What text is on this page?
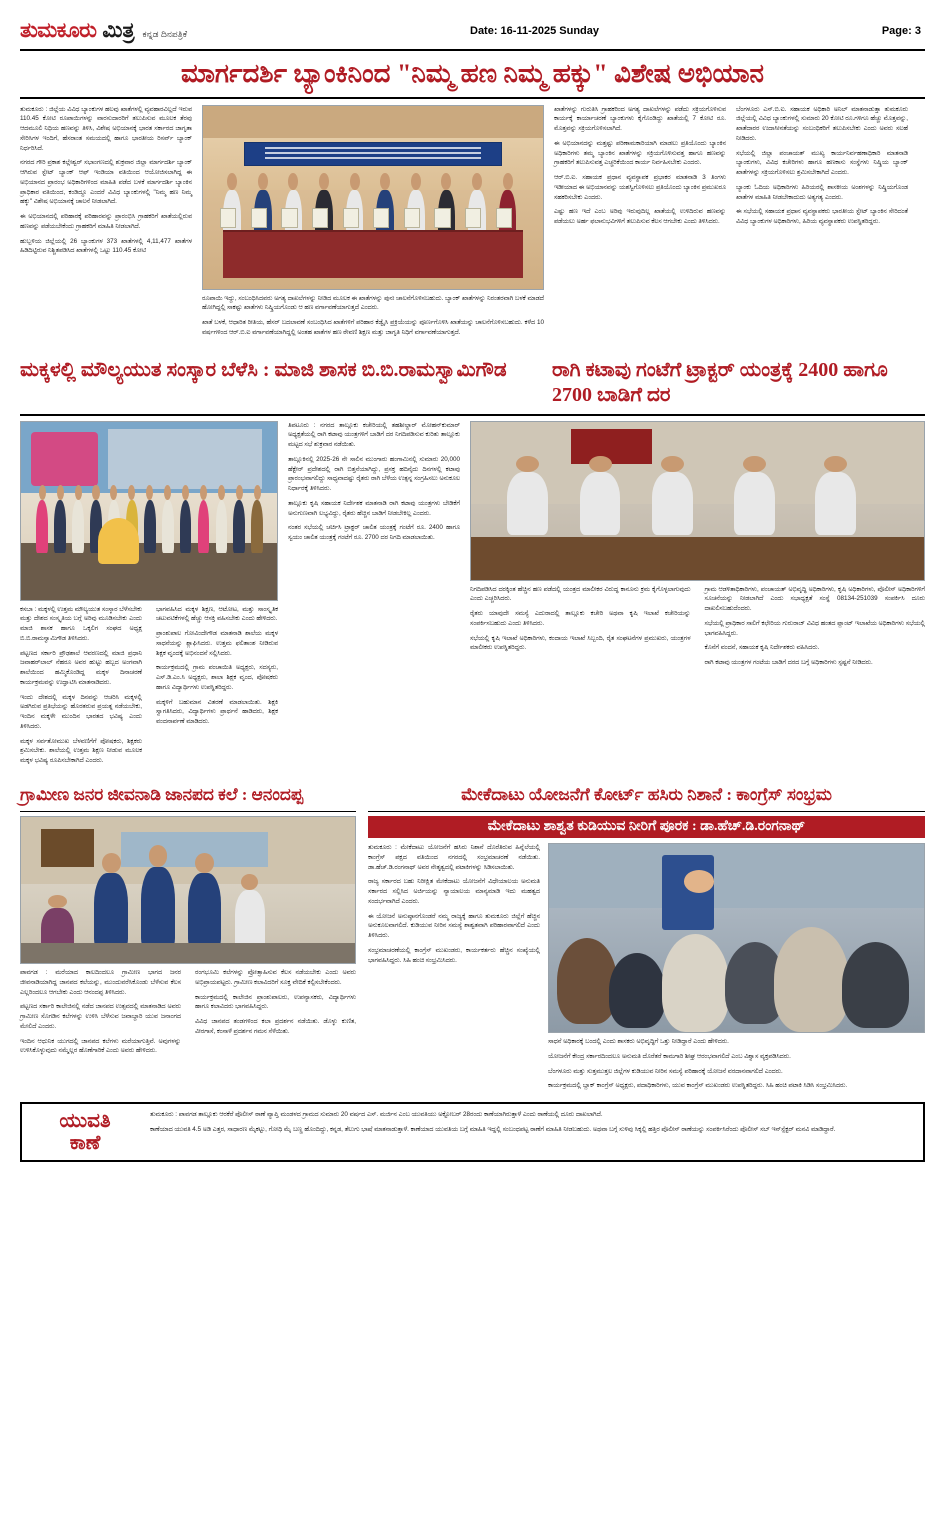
ತುಮಕೂರು ಮಿತ್ರ ಕನ್ನಡ ದಿನಪತ್ರಿಕೆ	Date: 16-11-2025 Sunday	Page: 3
ಮಾರ್ಗದರ್ಶಿ ಬ್ಯಾಂಕಿನಿಂದ "ನಿಮ್ಮ ಹಣ ನಿಮ್ಮ ಹಕ್ಕು" ವಿಶೇಷ ಅಭಿಯಾನ

ತುಮಕೂರು : ಜಿಲ್ಲೆಯ ವಿವಿಧ ಬ್ಯಾಂಕುಗಳ ಹಲವು ಖಾತೆಗಳಲ್ಲಿ ವ್ಯವಹಾರವಿಲ್ಲದೆ ಇರುವ 110.45 ಕೋಟಿ ರೂಪಾಯಿಗಳನ್ನು ವಾರಸುದಾರರಿಗೆ ತಲುಪಿಸುವ ಮೂಲಕ ತೆರವು ಆದಮೂಲಿ ನಿಧಿಯ ಹಣವನ್ನು ತಿಳಿಸಿ, ವಿಶೇಷ ಅಭಿಯಾನಕ್ಕೆ ಭಾರತ ಸರ್ಕಾರದ ಜಾಗೃತಾ ಸೇರಿಸಿಗಳ ಇಂದಿಗೆ, ಹೆಸರಾಂತ ಸಮಯದಲ್ಲಿ ಹಾಗೂ ಭಾರತೀಯ ರಿಸರ್ವ್ ಬ್ಯಾಂಕ್ ನಿರ್ಧರಿಸಿದೆ.

ನಗರದ ಗೌರಿ ಪ್ರಕಾಶ ಕಲ್ಲೇಶ್ವರ್ ಸಭಾಂಗಣದಲ್ಲಿ ಶುಕ್ರವಾರ ಜಿಲ್ಲಾ ಮಾರ್ಗದರ್ಶಿ ಬ್ಯಾಂಕ್ ಆಗಿರುವ ಸ್ಟೇಟ್ ಬ್ಯಾಂಕ್ ಆಫ್ ಇಂಡಿಯಾ ವತಿಯಿಂದ ಆಯೋಜಿಸಲಾಗಿದ್ದ ಈ ಅಭಿಯಾನದ ಪ್ರಾರಂಭ ಅಧಿಕಾರಿಗಳಿಂದ ಮಾಹಿತಿ ಪಡೆದ ಬಳಕೆ ಮಾರ್ಗದರ್ಶಿ ಬ್ಯಾಂಕಿನ ಪ್ರಾಧಿಕಾರ ವತಿಯಿಂದ, ಕಂಡಿದ್ದೂ ಎಂದರೆ ವಿವಿಧ ಬ್ಯಾಂಕುಗಳಲ್ಲಿ "ನಿಮ್ಮ ಹಣ ನಿಮ್ಮ ಹಕ್ಕು" ವಿಶೇಷ ಅಭಿಯಾನಕ್ಕೆ ಚಾಲನೆ ನೀಡಲಾಗಿದೆ.

ಈ ಅಭಿಯಾನದಲ್ಲಿ ಪರಿಹಾರಕ್ಕೆ ಪರಿಹಾರವನ್ನು ಪ್ರಾರಂಭಿಸಿ ಗ್ರಾಹಕರಿಗೆ ಖಾತೆಯಲ್ಲಿರುವ ಹಣವನ್ನು ಪಡೆಯಬೇಕೆಂದು ಗ್ರಾಹಕರಿಗೆ ಮಾಹಿತಿ ನೀಡಲಾಗಿದೆ.

ಹುಬ್ಬಳಿಯ ಜಿಲ್ಲೆಯಲ್ಲಿ 26 ಬ್ಯಾಂಕುಗಳ 373 ಖಾತೆಗಳಲ್ಲಿ 4,11,477 ಖಾತೆಗಳ ಹಿಡಿದಿಟ್ಟಿರುವ ನಿಶ್ಚಿತಪಡಿಸಿದ ಖಾತೆಗಳಲ್ಲಿ ಒಟ್ಟು 110.45 ಕೋಟಿ

ರೂಪಾಯಿ ಇದ್ದು, ಸಂಬಂಧಿಸಿದವರು ಅಗತ್ಯ ದಾಖಲೆಗಳನ್ನು ನೀಡಿದ ಮೂಲಕ ಈ ಖಾತೆಗಳನ್ನು ಪುನಃ ಚಾಲನೆಗೊಳಿಸಬಹುದು. ಬ್ಯಾಂಕ್ ಖಾತೆಗಳನ್ನು ನಿರಂತರವಾಗಿ ಬಳಕೆ ಮಾಡದೆ ಹೋಗಿದ್ದಲ್ಲಿ ಸಾಕಷ್ಟು ಖಾತೆಗಳು ನಿಷ್ಕ್ರಿಯಗೊಂಡು ಆ ಹಣ ವರ್ಗಾವಣೆಯಾಗುತ್ತದೆ ಎಂದರು.

ಖಾತೆ ಬಳಕೆ, ಆಧಾರಿತ ರೀತಿಯ, ಹೆಸರ್ ಬದಲಾವಣೆ ಸಂಬಂಧಿಸಿದ ಖಾತೆಗಳಿಗೆ ಪರಿಹಾರ ಕೆಡ್ವೈಸಿ ಪ್ರಕ್ರಿಯೆಯನ್ನು ಪೂರ್ಣಗೊಳಿಸಿ ಖಾತೆಯನ್ನು ಚಾಲನೆಗೊಳಿಸಬಹುದು. ಕಳೆದ 10 ವರ್ಷಗಳಿಂದ ಆರ್.ಬಿ.ಐ ವರ್ಗಾವಣೆಯಾಗಿದ್ದಲ್ಲಿ ಅಂತಹ ಖಾತೆಗಳ ಹಣ ಠೇವಣಿ ಶಿಕ್ಷಣ ಮತ್ತು ಜಾಗೃತಿ ನಿಧಿಗೆ ವರ್ಗಾವಣೆಯಾಗುತ್ತದೆ.

ಖಾತೆಗಳನ್ನು ಗುರುತಿಸಿ ಗ್ರಾಹಕರಿಂದ ಅಗತ್ಯ ದಾಖಲೆಗಳನ್ನು ಪಡೆದು ಸಕ್ರಿಯಗೊಳಿಸುವ ಕಾರ್ಯಕ್ಕೆ ಕಾರ್ಯಾಚರಣೆ ಬ್ಯಾಂಕುಗಳು ಕೈಗೊಂಡಿದ್ದು ಖಾತೆಯಲ್ಲಿ 7 ಕೋಟಿ ರೂ. ಮೊತ್ತವನ್ನು ಸಕ್ರಿಯಗೊಳಿಸಲಾಗಿದೆ.

ಈ ಅಭಿಯಾನದನ್ನು ಮತ್ತಷ್ಟು ಪರಿಣಾಮಕಾರಿಯಾಗಿ ಮಾಡಲು ಪ್ರತಿಯೊಂದು ಬ್ಯಾಂಕಿನ ಅಧಿಕಾರಿಗಳು ತಮ್ಮ ಬ್ಯಾಂಕಿನ ಖಾತೆಗಳನ್ನು ಸಕ್ರಿಯಗೊಳಿಸುವತ್ತ ಹಾಗೂ ಹಣವನ್ನು ಗ್ರಾಹಕರಿಗೆ ತಲುಪಿಸುವತ್ತ ಎಚ್ಚರಿಕೆಯಿಂದ ಕಾರ್ಯ ನಿರ್ವಹಿಸಬೇಕು ಎಂದರು.

ಆರ್.ಬಿ.ಐ. ಸಹಾಯಕ ಪ್ರಧಾನ ವ್ಯವಸ್ಥಾಪಕ ಪ್ರಭಾಕರ ಮಾತನಾಡಿ 3 ತಿಂಗಳು ಇಡೀಯಾದ ಈ ಅಭಿಯಾನವನ್ನು ಯಶಸ್ವಿಗೊಳಿಸಲು ಪ್ರತಿಯೊಂದು ಬ್ಯಾಂಕಿನ ಪ್ರಮುಖರೂ ಸಹಕರಿಸಬೇಕು ಎಂದರು.

ಎಷ್ಟು ಹಣ ಇದೆ ಎಂಬ ಅರಿವು ಇರುವುದಿಲ್ಲ ಖಾತೆಯಲ್ಲಿ ಉಳಿದಿರುವ ಹಣವನ್ನು ಪಡೆಯಲು ಅರ್ಹ ಫಲಾನುಭವಿಗಳಿಗೆ ತಲುಪಿಸುವ ಕೆಲಸ ಆಗಬೇಕು ಎಂದು ತಿಳಿಸಿದರು.

ಬೆಂಗಳೂರು ಎಸ್.ಬಿ.ಐ. ಸಹಾಯಕ ಅಧಿಕಾರಿ ಅನಿಲ್ ಮಾತನಾಡುತ್ತಾ ತುಮಕೂರು ಜಿಲ್ಲೆಯಲ್ಲಿ ವಿವಿಧ ಬ್ಯಾಂಕುಗಳಲ್ಲಿ ಸುಮಾರು 20 ಕೋಟಿ ರೂ.ಗಳಿಗೂ ಹೆಚ್ಚು ಮೊತ್ತವನ್ನು, ಖಾತೆದಾರರ ಉದಾಸೀನತೆಯನ್ನು ಸಂಬಂಧಿಕರಿಗೆ ತಲುಪಿಸಬೇಕು ಎಂದು ಅವರು ಸಲಹೆ ನೀಡಿದರು.

ಸಭೆಯಲ್ಲಿ ಜಿಲ್ಲಾ ಪಂಚಾಯತ್ ಮುಖ್ಯ ಕಾರ್ಯನಿರ್ವಹಣಾಧಿಕಾರಿ ಮಾತನಾಡಿ ಬ್ಯಾಂಕುಗಳು, ವಿವಿಧ ಕಚೇರಿಗಳು ಹಾಗೂ ಹಣಕಾಸು ಸಂಸ್ಥೆಗಳು ನಿಷ್ಕ್ರಿಯ ಬ್ಯಾಂಕ್ ಖಾತೆಗಳನ್ನು ಸಕ್ರಿಯಗೊಳಿಸಲು ಶ್ರಮಿಸಬೇಕಾಗಿದೆ ಎಂದರು.

ಬ್ಯಾಂಕು ಓದಿಯ ಅಧಿಕಾರಿಗಳು ಹಿರಿಯರಲ್ಲಿ ಶಾಸಕೀಯ ಅಂಶಗಳನ್ನು ನಿಷ್ಕ್ರಿಯಗೊಂಡ ಖಾತೆಗಳ ಮಾಹಿತಿ ನೀಡಬೇಕಾದುದು ಅತ್ಯಗತ್ಯ ಎಂದರು.

ಈ ಸಭೆಯಲ್ಲಿ ಸಹಾಯಕ ಪ್ರಧಾನ ವ್ಯವಸ್ಥಾಪಕರು ಭಾರತೀಯ ಸ್ಟೇಟ್ ಬ್ಯಾಂಕಿನ ಸೇರಿದಂತೆ ವಿವಿಧ ಬ್ಯಾಂಕುಗಳ ಅಧಿಕಾರಿಗಳು, ಹಿರಿಯ ವ್ಯವಸ್ಥಾಪಕರು ಉಪಸ್ಥಿತರಿದ್ದರು.

ಮಕ್ಕಳಲ್ಲಿ ಮೌಲ್ಯಯುತ ಸಂಸ್ಕಾರ ಬೆಳೆಸಿ : ಮಾಜಿ ಶಾಸಕ ಬಿ.ಬಿ.ರಾಮಸ್ವಾಮಿಗೌಡ	ರಾಗಿ ಕಟಾವು ಗಂಟೆಗೆ ಟ್ರಾಕ್ಟರ್ ಯಂತ್ರಕ್ಕೆ 2400 ಹಾಗೂ 2700 ಬಾಡಿಗೆ ದರ

ಕಸಬಾ : ಮಕ್ಕಳಲ್ಲಿ ಉತ್ತಮ ಮೌಲ್ಯಯುತ ಸಂಸ್ಕಾರ ಬೆಳೆಸಬೇಕು ಮತ್ತು ದೇಶದ ಸಂಸ್ಕೃತಿಯ ಬಗ್ಗೆ ಅರಿವು ಮೂಡಿಸಬೇಕು ಎಂದು ಮಾಜಿ ಶಾಸಕ ಹಾಗೂ ಒಕ್ಕಲಿಗ ಸಂಘದ ಅಧ್ಯಕ್ಷ ಬಿ.ಬಿ.ರಾಮಸ್ವಾಮಿಗೌಡ ತಿಳಿಸಿದರು.

ಪಟ್ಟಣದ ಸರ್ಕಾರಿ ಪ್ರೌಢಶಾಲೆ ಆವರಣದಲ್ಲಿ ಮಾಜಿ ಪ್ರಧಾನಿ ಜವಾಹರ್‌ಲಾಲ್ ನೆಹರೂ ಅವರ ಹುಟ್ಟು ಹಬ್ಬದ ಅಂಗವಾಗಿ ಶಾಲೆಯಿಂದ ಹಮ್ಮಿಕೊಂಡಿದ್ದ ಮಕ್ಕಳ ದಿನಾಚರಣೆ ಕಾರ್ಯಕ್ರಮವನ್ನು ಉದ್ಘಾಟಿಸಿ ಮಾತನಾಡಿದರು.

ಇಂದು ದೇಶದಲ್ಲಿ ಮಕ್ಕಳ ದಿನವನ್ನು ಆಚರಿಸಿ ಮಕ್ಕಳಲ್ಲಿ ಅಡಗಿರುವ ಪ್ರತಿಭೆಯನ್ನು ಹೊರತರುವ ಪ್ರಯತ್ನ ನಡೆಯಬೇಕು, ಇಂದಿನ ಮಕ್ಕಳೇ ಮುಂದಿನ ಭಾರತದ ಭವಿಷ್ಯ ಎಂದು ತಿಳಿಸಿದರು.

ಮಕ್ಕಳ ಸರ್ವತೋಮುಖ ಬೆಳವಣಿಗೆಗೆ ಪೋಷಕರು, ಶಿಕ್ಷಕರು ಶ್ರಮಿಸಬೇಕು. ಶಾಲೆಯಲ್ಲಿ ಉತ್ತಮ ಶಿಕ್ಷಣ ನೀಡುವ ಮೂಲಕ ಮಕ್ಕಳ ಭವಿಷ್ಯ ರೂಪಿಸಬೇಕಾಗಿದೆ ಎಂದರು.

ಭಾಗವಹಿಸಿದ ಮಕ್ಕಳ ಶಿಕ್ಷಣ, ಆಟೋಟ, ಮತ್ತು ಸಾಂಸ್ಕೃತಿಕ ಚಟುವಟಿಕೆಗಳಲ್ಲಿ ಹೆಚ್ಚು ಆಸಕ್ತಿ ವಹಿಸಬೇಕು ಎಂದು ಹೇಳಿದರು.

ಪ್ರಾಂಶುಪಾಲ ಗೋವಿಂದೇಗೌಡ ಮಾತನಾಡಿ ಶಾಲೆಯ ಮಕ್ಕಳ ಸಾಧನೆಯನ್ನು ಶ್ಲಾಘಿಸಿದರು. ಉತ್ತಮ ಫಲಿತಾಂಶ ನೀಡಿರುವ ಶಿಕ್ಷಕ ವೃಂದಕ್ಕೆ ಅಭಿನಂದನೆ ಸಲ್ಲಿಸಿದರು.

ಕಾರ್ಯಕ್ರಮದಲ್ಲಿ ಗ್ರಾಮ ಪಂಚಾಯಿತಿ ಅಧ್ಯಕ್ಷರು, ಸದಸ್ಯರು, ಎಸ್.ಡಿ.ಎಂ.ಸಿ ಅಧ್ಯಕ್ಷರು, ಶಾಲಾ ಶಿಕ್ಷಕ ವೃಂದ, ಪೋಷಕರು ಹಾಗೂ ವಿದ್ಯಾರ್ಥಿಗಳು ಉಪಸ್ಥಿತರಿದ್ದರು.

ಮಕ್ಕಳಿಗೆ ಬಹುಮಾನ ವಿತರಣೆ ಮಾಡಲಾಯಿತು. ಶಿಕ್ಷಕಿ ಸ್ವಾಗತಿಸಿದರು, ವಿದ್ಯಾರ್ಥಿಗಳು ಪ್ರಾರ್ಥನೆ ಹಾಡಿದರು, ಶಿಕ್ಷಕ ವಂದನಾರ್ಪಣೆ ಮಾಡಿದರು.

ತಿಪಟೂರು : ನಗರದ ತಾಲ್ಲೂಕು ಕಚೇರಿಯಲ್ಲಿ ತಹಶೀಲ್ದಾರ್ ಮೋಹನ್‌ಕುಮಾರ್ ಅಧ್ಯಕ್ಷತೆಯಲ್ಲಿ ರಾಗಿ ಕಟಾವು ಯಂತ್ರಗಳಿಗೆ ಬಾಡಿಗೆ ದರ ನಿಗದಿಪಡಿಸುವ ಕುರಿತು ತಾಲ್ಲೂಕು ಮಟ್ಟದ ಸಭೆ ಶುಕ್ರವಾರ ನಡೆಯಿತು.

ತಾಲ್ಲೂಕಿನಲ್ಲಿ 2025-26 ನೇ ಸಾಲಿನ ಮುಂಗಾರು ಹಂಗಾಮಿನಲ್ಲಿ ಸುಮಾರು 20,000 ಹೆಕ್ಟೇರ್ ಪ್ರದೇಶದಲ್ಲಿ ರಾಗಿ ಬಿತ್ತನೆಯಾಗಿದ್ದು, ಪ್ರಸಕ್ತ ಹದಿನೈದು ದಿನಗಳಲ್ಲಿ ಕಟಾವು ಪ್ರಾರಂಭವಾಗಲಿದ್ದು ಸಾಧ್ಯವಾದಷ್ಟು ರೈತರು ರಾಗಿ ಬೆಳೆಯ ಉತ್ಪನ್ನ ಸಂಗ್ರಹಿಸಲು ಅನುಕೂಲ ನಿರ್ಧಾರಕ್ಕೆ ತಿಳಿಸಿದರು.

ತಾಲ್ಲೂಕು ಕೃಷಿ ಸಹಾಯಕ ನಿರ್ದೇಶಕ ಮಾತನಾಡಿ ರಾಗಿ ಕಟಾವು ಯಂತ್ರಗಳು ಬೇಡಿಕೆಗೆ ಅನುಗುಣವಾಗಿ ಲಭ್ಯವಿದ್ದು, ರೈತರು ಹೆಚ್ಚಿನ ಬಾಡಿಗೆ ನೀಡಬೇಕಿಲ್ಲ ಎಂದರು.

ನಂತರ ಸಭೆಯಲ್ಲಿ ಚರ್ಚಿಸಿ ಟ್ರಾಕ್ಟರ್ ಚಾಲಿತ ಯಂತ್ರಕ್ಕೆ ಗಂಟೆಗೆ ರೂ. 2400 ಹಾಗೂ ಸ್ವಯಂ ಚಾಲಿತ ಯಂತ್ರಕ್ಕೆ ಗಂಟೆಗೆ ರೂ. 2700 ದರ ನಿಗದಿ ಮಾಡಲಾಯಿತು.

ನಿಗದಿಪಡಿಸಿದ ದರಕ್ಕಿಂತ ಹೆಚ್ಚಿನ ಹಣ ಪಡೆದಲ್ಲಿ ಯಂತ್ರದ ಮಾಲೀಕರ ವಿರುದ್ಧ ಕಾನೂನು ಕ್ರಮ ಕೈಗೊಳ್ಳಲಾಗುವುದು ಎಂದು ಎಚ್ಚರಿಸಿದರು.

ರೈತರು ಯಾವುದೇ ಸಮಸ್ಯೆ ಎದುರಾದಲ್ಲಿ ತಾಲ್ಲೂಕು ಕಚೇರಿ ಅಥವಾ ಕೃಷಿ ಇಲಾಖೆ ಕಚೇರಿಯನ್ನು ಸಂಪರ್ಕಿಸಬಹುದು ಎಂದು ತಿಳಿಸಿದರು.

ಸಭೆಯಲ್ಲಿ ಕೃಷಿ ಇಲಾಖೆ ಅಧಿಕಾರಿಗಳು, ಕಂದಾಯ ಇಲಾಖೆ ಸಿಬ್ಬಂದಿ, ರೈತ ಸಂಘಟನೆಗಳ ಪ್ರಮುಖರು, ಯಂತ್ರಗಳ ಮಾಲೀಕರು ಉಪಸ್ಥಿತರಿದ್ದರು.

ಗ್ರಾಮ ಆಡಳಿತಾಧಿಕಾರಿಗಳು, ಪಂಚಾಯತ್ ಅಭಿವೃದ್ಧಿ ಅಧಿಕಾರಿಗಳು, ಕೃಷಿ ಅಧಿಕಾರಿಗಳು, ಪೊಲೀಸ್ ಅಧಿಕಾರಿಗಳಿಗೆ ಸೂಚನೆಯನ್ನು ನೀಡಲಾಗಿದೆ ಎಂದು ಸಭಾಧ್ಯಕ್ಷತೆ ಸಂಸ್ಥೆ 08134-251039 ಸಂಪರ್ಕಿಸಿ ದೂರು ದಾಖಲಿಸಬಹುದೆಂದರು.

ಸಭೆಯಲ್ಲಿ ಪ್ರಾಧಿಕಾರ ಸಾಲಿಗೆ ಕಛೇರಿಯ ಗುರುರಾಜ್ ವಿವಿಧ ಹಂತದ ಪ್ಲಾಂಟ್ ಇಲಾಖೆಯ ಅಧಿಕಾರಿಗಳು ಸಭೆಯಲ್ಲಿ ಭಾಗವಹಿಸಿದ್ದರು.

ಕೊನೆಗೆ ವಂದನೆ, ಸಹಾಯಕ ಕೃಷಿ ನಿರ್ದೇಶಕರು ವಹಿಸಿದರು.

ರಾಗಿ ಕಟಾವು ಯಂತ್ರಗಳ ಗಂಟೆಯ ಬಾಡಿಗೆ ದರದ ಬಗ್ಗೆ ಅಧಿಕಾರಿಗಳು ಸ್ಪಷ್ಟನೆ ನೀಡಿದರು.

ಗ್ರಾಮೀಣ ಜನರ ಜೀವನಾಡಿ ಜಾನಪದ ಕಲೆ : ಆನಂದಪ್ಪ

ಪಾವಗಡ : ಮರೆಯಾದ ಕಾಲದಿಂದಲೂ ಗ್ರಾಮೀಣ ಭಾಗದ ಜನರ ಜೀವನಾಡಿಯಾಗಿದ್ದ ಜಾನಪದ ಕಲೆಯನ್ನು, ಮುಂದುವರೆಸಿಕೊಂಡು ಬೆಳೆಸುವ ಕೆಲಸ ಎಲ್ಲರಿಂದಲೂ ಆಗಬೇಕು ಎಂದು ಆನಂದಪ್ಪ ತಿಳಿಸಿದರು.

ಪಟ್ಟಣದ ಸರ್ಕಾರಿ ಕಾಲೇಜಿನಲ್ಲಿ ನಡೆದ ಜಾನಪದ ಉತ್ಸವದಲ್ಲಿ ಮಾತನಾಡಿದ ಅವರು ಗ್ರಾಮೀಣ ಸೊಗಡಿನ ಕಲೆಗಳನ್ನು ಉಳಿಸಿ ಬೆಳೆಸುವ ಜವಾಬ್ದಾರಿ ಯುವ ಜನಾಂಗದ ಮೇಲಿದೆ ಎಂದರು.

ಇಂದಿನ ಆಧುನಿಕ ಯುಗದಲ್ಲಿ ಜಾನಪದ ಕಲೆಗಳು ಮರೆಯಾಗುತ್ತಿವೆ. ಅವುಗಳನ್ನು ಉಳಿಸಿಕೊಳ್ಳುವುದು ನಮ್ಮೆಲ್ಲರ ಹೊಣೆಗಾರಿಕೆ ಎಂದು ಅವರು ಹೇಳಿದರು.

ರಂಗಭೂಮಿ ಕಲೆಗಳನ್ನು ಪ್ರೋತ್ಸಾಹಿಸುವ ಕೆಲಸ ನಡೆಯಬೇಕು ಎಂದು ಅವರು ಅಭಿಪ್ರಾಯಪಟ್ಟರು. ಗ್ರಾಮೀಣ ಕಲಾವಿದರಿಗೆ ಸೂಕ್ತ ವೇದಿಕೆ ಕಲ್ಪಿಸಬೇಕೆಂದರು.

ಕಾರ್ಯಕ್ರಮದಲ್ಲಿ ಕಾಲೇಜಿನ ಪ್ರಾಂಶುಪಾಲರು, ಉಪನ್ಯಾಸಕರು, ವಿದ್ಯಾರ್ಥಿಗಳು ಹಾಗೂ ಕಲಾವಿದರು ಭಾಗವಹಿಸಿದ್ದರು.

ವಿವಿಧ ಜಾನಪದ ತಂಡಗಳಿಂದ ಕಲಾ ಪ್ರದರ್ಶನ ನಡೆಯಿತು. ಡೊಳ್ಳು ಕುಣಿತ, ವೀರಗಾಸೆ, ಕಂಸಾಳೆ ಪ್ರದರ್ಶನ ಗಮನ ಸೆಳೆಯಿತು.

ಮೇಕೆದಾಟು ಯೋಜನೆಗೆ ಕೋರ್ಟ್ ಹಸಿರು ನಿಶಾನೆ : ಕಾಂಗ್ರೆಸ್ ಸಂಭ್ರಮ
ಮೇಕೆದಾಟು ಶಾಶ್ವತ ಕುಡಿಯುವ ನೀರಿಗೆ ಪೂರಕ : ಡಾ.ಹೆಚ್.ಡಿ.ರಂಗನಾಥ್

ತುಮಕೂರು : ಮೇಕೆದಾಟು ಯೋಜನೆಗೆ ಹಸಿರು ನಿಶಾನೆ ದೊರೆತಿರುವ ಹಿನ್ನೆಲೆಯಲ್ಲಿ ಕಾಂಗ್ರೆಸ್ ಪಕ್ಷದ ವತಿಯಿಂದ ನಗರದಲ್ಲಿ ಸಂಭ್ರಮಾಚರಣೆ ನಡೆಯಿತು. ಡಾ.ಹೆಚ್.ಡಿ.ರಂಗನಾಥ್ ಅವರ ನೇತೃತ್ವದಲ್ಲಿ ಪಟಾಕಿಗಳನ್ನು ಸಿಡಿಸಲಾಯಿತು.

ರಾಜ್ಯ ಸರ್ಕಾರದ ಬಹು ನಿರೀಕ್ಷಿತ ಮೇಕೆದಾಟು ಯೋಜನೆಗೆ ವಿಧೇಯಾಲಯ ಅನುಮತಿ ಸರ್ಕಾರದ ಸಲ್ಲಿಸಿದ ಅರ್ಜಿಯನ್ನು ನ್ಯಾಯಾಲಯ ಮಾನ್ಯಮಾಡಿ ಇದು ಮಹತ್ವದ ಸಂದರ್ಭವಾಗಿದೆ ಎಂದರು.

ಈ ಯೋಜನೆ ಅನುಷ್ಠಾನಗೊಂಡರೆ ನಮ್ಮ ರಾಜ್ಯಕ್ಕೆ ಹಾಗೂ ತುಮಕೂರು ಜಿಲ್ಲೆಗೆ ಹೆಚ್ಚಿನ ಅನುಕೂಲವಾಗಲಿದೆ. ಕುಡಿಯುವ ನೀರಿನ ಸಮಸ್ಯೆ ಶಾಶ್ವತವಾಗಿ ಪರಿಹಾರವಾಗಲಿದೆ ಎಂದು ತಿಳಿಸಿದರು.

ಸಂಭ್ರಮಾಚರಣೆಯಲ್ಲಿ ಕಾಂಗ್ರೆಸ್ ಮುಖಂಡರು, ಕಾರ್ಯಕರ್ತರು ಹೆಚ್ಚಿನ ಸಂಖ್ಯೆಯಲ್ಲಿ ಭಾಗವಹಿಸಿದ್ದರು. ಸಿಹಿ ಹಂಚಿ ಸಂಭ್ರಮಿಸಿದರು.

ಸಾಧನೆ ಅಧಿಕಾರಕ್ಕೆ ಬಂದಲ್ಲಿ ಎಂದು ಶಾಸಕರು ಅಭಿವೃದ್ಧಿಗೆ ಒತ್ತು ನೀಡಿದ್ದಾರೆ ಎಂದು ಹೇಳಿದರು.

ಯೋಜನೆಗೆ ಕೇಂದ್ರ ಸರ್ಕಾರದಿಂದಲೂ ಅನುಮತಿ ದೊರೆತರೆ ಕಾಮಗಾರಿ ಶೀಘ್ರ ಆರಂಭವಾಗಲಿದೆ ಎಂಬ ವಿಶ್ವಾಸ ವ್ಯಕ್ತಪಡಿಸಿದರು.

ಬೆಂಗಳೂರು ಮತ್ತು ಸುತ್ತಮುತ್ತಲ ಜಿಲ್ಲೆಗಳ ಕುಡಿಯುವ ನೀರಿನ ಸಮಸ್ಯೆ ಪರಿಹಾರಕ್ಕೆ ಯೋಜನೆ ವರದಾನವಾಗಲಿದೆ ಎಂದರು.

ಕಾರ್ಯಕ್ರಮದಲ್ಲಿ ಬ್ಲಾಕ್ ಕಾಂಗ್ರೆಸ್ ಅಧ್ಯಕ್ಷರು, ಪದಾಧಿಕಾರಿಗಳು, ಯುವ ಕಾಂಗ್ರೆಸ್ ಮುಖಂಡರು ಉಪಸ್ಥಿತರಿದ್ದರು. ಸಿಹಿ ಹಂಚಿ ಪಟಾಕಿ ಸಿಡಿಸಿ ಸಂಭ್ರಮಿಸಿದರು.

ಯುವತಿ
ಕಾಣೆ

ತುಮಕೂರು : ಪಾವಗಡ ತಾಲ್ಲೂಕು ಆರಕೆರೆ ಪೊಲೀಸ್ ಠಾಣೆ ವ್ಯಾಪ್ತಿ ಮಂಡಳದ ಗ್ರಾಮದ ಸುಮಾರು 20 ವರ್ಷದ ಎಸ್. ಮರ್ಜಿನ ಎಂಬ ಯುವತಿಯು ಅಕ್ಟೋಬರ್ 28ರಂದು ಕಾಣೆಯಾಗಿರುತ್ತಾಳೆ ಎಂದು ಠಾಣೆಯಲ್ಲಿ ದೂರು ದಾಖಲಾಗಿದೆ.

ಕಾಣೆಯಾದ ಯುವತಿ 4.5 ಅಡಿ ಎತ್ತರ, ಸಾಧಾರಣ ಮೈಕಟ್ಟು, ಗೋಧಿ ಮೈ ಬಣ್ಣ ಹೊಂದಿದ್ದು, ಕನ್ನಡ, ತೆಲುಗು ಭಾಷೆ ಮಾತನಾಡುತ್ತಾಳೆ. ಕಾಣೆಯಾದ ಯುವತಿಯ ಬಗ್ಗೆ ಮಾಹಿತಿ ಇದ್ದಲ್ಲಿ ಸಂಬಂಧಪಟ್ಟ ಠಾಣೆಗೆ ಮಾಹಿತಿ ನೀಡಬಹುದು. ಅಥವಾ ಬಗ್ಗೆ ಸುಳಿವು ಸಿಕ್ಕಲ್ಲಿ ಹತ್ತಿರ ಪೊಲೀಸ್ ಠಾಣೆಯನ್ನು ಸಂಪರ್ಕಿಸಿರೆಂದು ಪೊಲೀಸ್ ಸಬ್ ಇನ್‌ಸ್ಪೆಕ್ಟರ್ ಮನವಿ ಮಾಡಿದ್ದಾರೆ.
